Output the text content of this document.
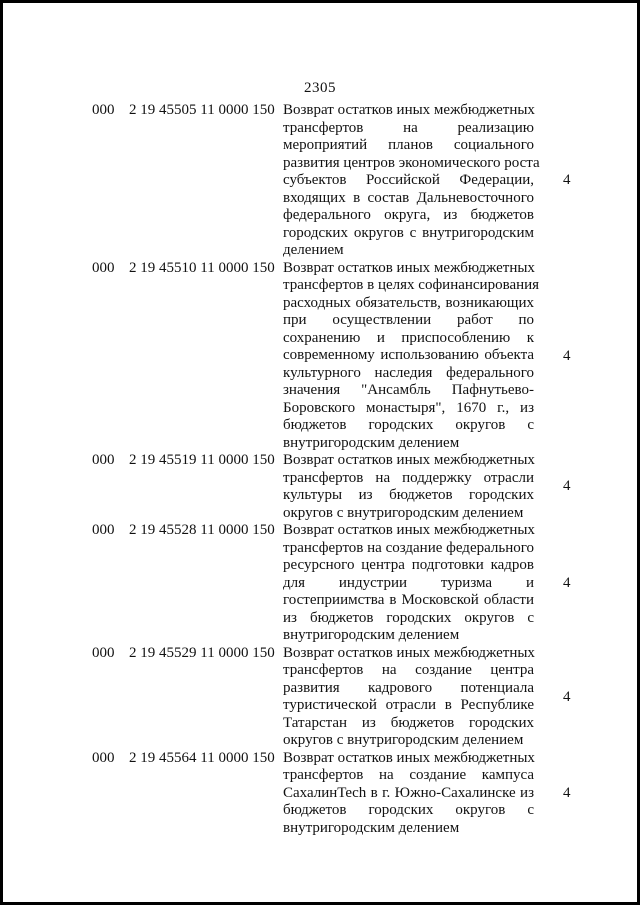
2305
000 2 19 45505 11 0000 150 Возврат остатков иных межбюджетных
трансфертов на реализацию
мероприятий планов социального
развития центров экономического роста
субъектов Российской Федерации,
входящих в состав Дальневосточного
федерального округа, из бюджетов
городских округов с внутригородским
делением
4
000 2 19 45510 11 0000 150 Возврат остатков иных межбюджетных
трансфертов в целях софинансирования
расходных обязательств, возникающих
при осуществлении работ по
сохранению и приспособлению к
современному использованию объекта
культурного наследия федерального
значения "Ансамбль Пафнутьево-
Боровского монастыря", 1670 г., из
бюджетов городских округов с
внутригородским делением
4
000 2 19 45519 11 0000 150 Возврат остатков иных межбюджетных
трансфертов на поддержку отрасли
культуры из бюджетов городских
округов с внутригородским делением
4
000 2 19 45528 11 0000 150 Возврат остатков иных межбюджетных
трансфертов на создание федерального
ресурсного центра подготовки кадров
для индустрии туризма и
гостеприимства в Московской области
из бюджетов городских округов с
внутригородским делением
4
000 2 19 45529 11 0000 150 Возврат остатков иных межбюджетных
трансфертов на создание центра
развития кадрового потенциала
туристической отрасли в Республике
Татарстан из бюджетов городских
округов с внутригородским делением
4
000 2 19 45564 11 0000 150 Возврат остатков иных межбюджетных
трансфертов на создание кампуса
СахалинTech в г. Южно-Сахалинске из
бюджетов городских округов с
внутригородским делением
4
